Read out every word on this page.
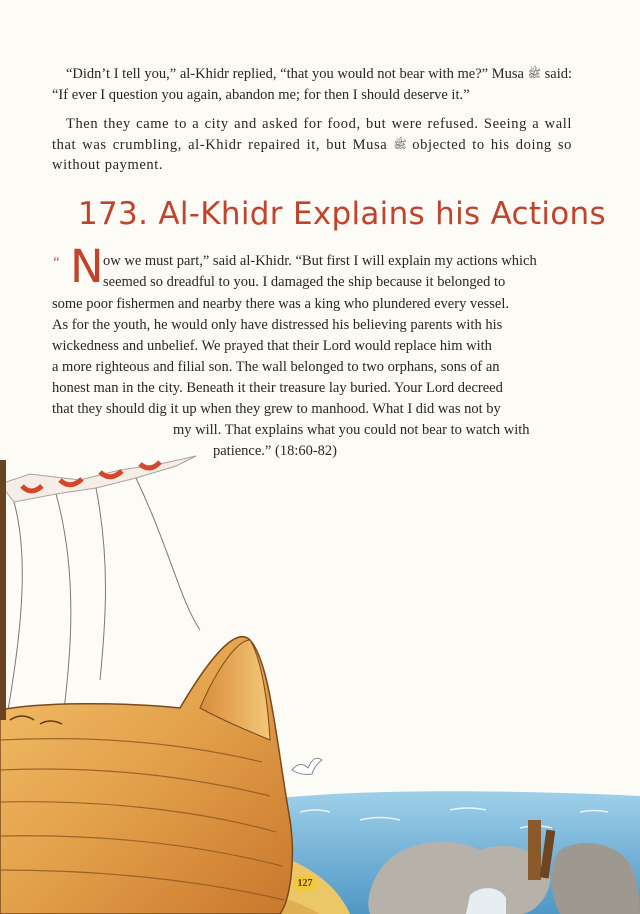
“Didn’t I tell you,” al-Khidr replied, “that you would not bear with me?” Musa ﷺ said: “If ever I question you again, abandon me; for then I should deserve it.”

Then they came to a city and asked for food, but were refused. Seeing a wall that was crumbling, al-Khidr repaired it, but Musa ﷺ objected to his doing so without payment.

173. Al-Khidr Explains his Actions
“ N ow we must part,” said al-Khidr. “But first I will explain my actions which

seemed so dreadful to you. I damaged the ship because it belonged to

some poor fishermen and nearby there was a king who plundered every vessel.

As for the youth, he would only have distressed his believing parents with his

wickedness and unbelief. We prayed that their Lord would replace him with

a more righteous and filial son. The wall belonged to two orphans, sons of an

honest man in the city. Beneath it their treasure lay buried. Your Lord decreed

that they should dig it up when they grew to manhood. What I did was not by

my will. That explains what you could not bear to watch with

patience.” (18:60-82)

127
